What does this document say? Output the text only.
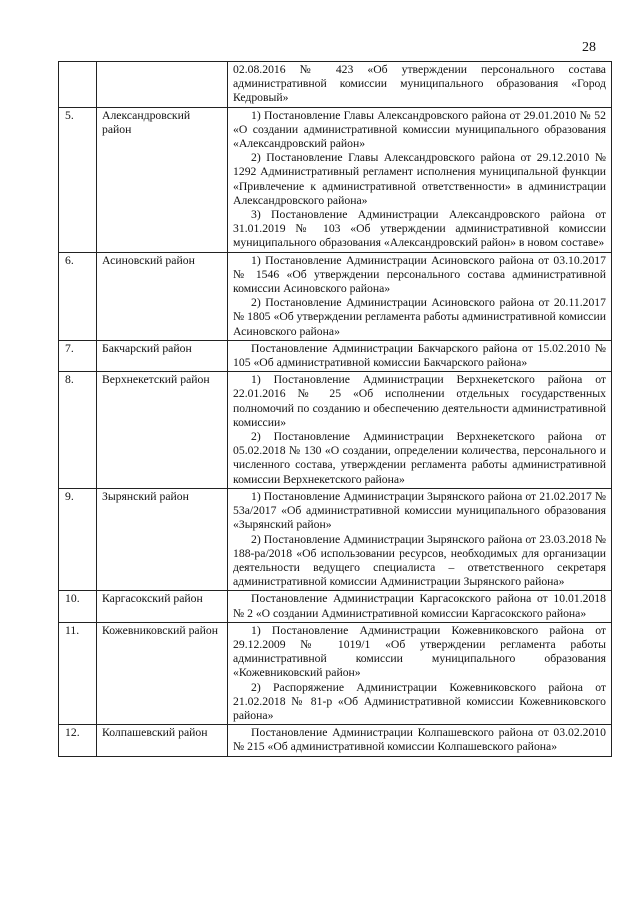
28

		02.08.2016 № 423 «Об утверждении персонального состава административной комиссии муниципального образования «Город Кедровый»

5.	Александровский район	1) Постановление Главы Александровского района от 29.01.2010 № 52 «О создании административной комиссии муниципального образования «Александровский район»

2) Постановление Главы Александровского района от 29.12.2010 № 1292 Административный регламент исполнения муниципальной функции «Привлечение к административной ответственности» в администрации Александровского района»

3) Постановление Администрации Александровского района от 31.01.2019 № 103 «Об утверждении административной комиссии муниципального образования «Александровский район» в новом составе»

6.	Асиновский район	1) Постановление Администрации Асиновского района от 03.10.2017 № 1546 «Об утверждении персонального состава административной комиссии Асиновского района»

2) Постановление Администрации Асиновского района от 20.11.2017 № 1805 «Об утверждении регламента работы административной комиссии Асиновского района»

7.	Бакчарский район	Постановление Администрации Бакчарского района от 15.02.2010 № 105 «Об административной комиссии Бакчарского района»

8.	Верхнекетский район	1) Постановление Администрации Верхнекетского района от 22.01.2016 № 25 «Об исполнении отдельных государственных полномочий по созданию и обеспечению деятельности административной комиссии»

2) Постановление Администрации Верхнекетского района от 05.02.2018 № 130 «О создании, определении количества, персонального и численного состава, утверждении регламента работы административной комиссии Верхнекетского района»

9.	Зырянский район	1) Постановление Администрации Зырянского района от 21.02.2017 № 53а/2017 «Об административной комиссии муниципального образования «Зырянский район»

2) Постановление Администрации Зырянского района от 23.03.2018 № 188-ра/2018 «Об использовании ресурсов, необходимых для организации деятельности ведущего специалиста – ответственного секретаря административной комиссии Администрации Зырянского района»

10.	Каргасокский район	Постановление Администрации Каргасокского района от 10.01.2018 № 2 «О создании Административной комиссии Каргасокского района»

11.	Кожевниковский район	1) Постановление Администрации Кожевниковского района от 29.12.2009 № 1019/1 «Об утверждении регламента работы административной комиссии муниципального образования «Кожевниковский район»

2) Распоряжение Администрации Кожевниковского района от 21.02.2018 № 81-р «Об Административной комиссии Кожевниковского района»

12.	Колпашевский район	Постановление Администрации Колпашевского района от 03.02.2010 № 215 «Об административной комиссии Колпашевского района»
